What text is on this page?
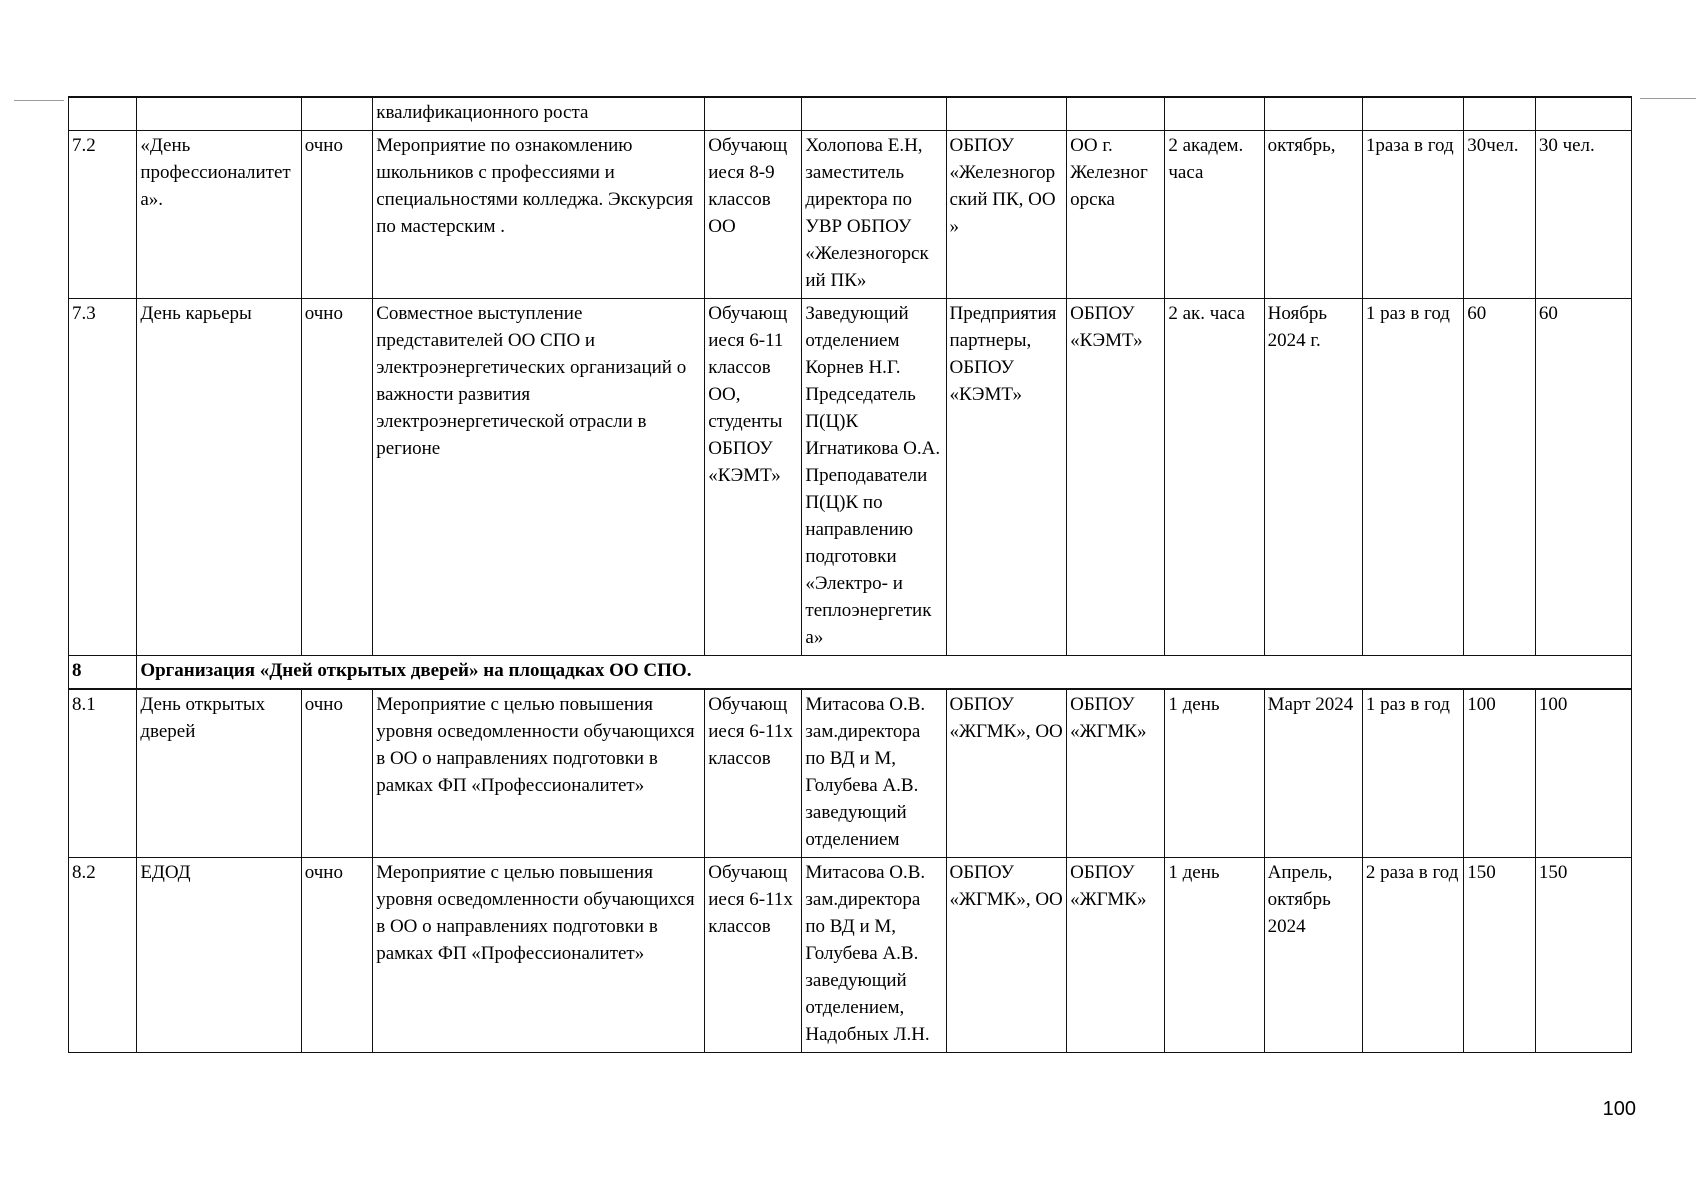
			квалификационного роста									
7.2	«День профессионалитет а».	очно	Мероприятие по ознакомлению школьников с профессиями и специальностями колледжа. Экскурсия по мастерским .	Обучающ иеся 8-9 классов ОО	Холопова Е.Н, заместитель директора по УВР ОБПОУ «Железногорск ий ПК»	ОБПОУ «Железногор ский ПК, ОО »	ОО г. Железног орска	2 академ. часа	октябрь,	1раза в год	30чел.	30 чел.
7.3	День карьеры	очно	Совместное выступление представителей ОО СПО и электроэнергетических организаций о важности развития электроэнергетической отрасли в регионе	Обучающ иеся 6-11 классов ОО, студенты ОБПОУ «КЭМТ»	Заведующий отделением Корнев Н.Г. Председатель П(Ц)К Игнатикова О.А. Преподаватели П(Ц)К по направлению подготовки «Электро- и теплоэнергетик а»	Предприятия партнеры, ОБПОУ «КЭМТ»	ОБПОУ «КЭМТ»	2 ак. часа	Ноябрь 2024 г.	1 раз в год	60	60
8	Организация «Дней открытых дверей» на площадках ОО СПО.											
8.1	День открытых дверей	очно	Мероприятие с целью повышения уровня осведомленности обучающихся в ОО о направлениях подготовки в рамках ФП «Профессионалитет»	Обучающ иеся 6-11х классов	Митасова О.В. зам.директора по ВД и М, Голубева А.В. заведующий отделением	ОБПОУ «ЖГМК», ОО	ОБПОУ «ЖГМК»	1 день	Март 2024	1 раз в год	100	100
8.2	ЕДОД	очно	Мероприятие с целью повышения уровня осведомленности обучающихся в ОО о направлениях подготовки в рамках ФП «Профессионалитет»	Обучающ иеся 6-11х классов	Митасова О.В. зам.директора по ВД и М, Голубева А.В. заведующий отделением, Надобных Л.Н.	ОБПОУ «ЖГМК», ОО	ОБПОУ «ЖГМК»	1 день	Апрель, октябрь 2024	2 раза в год	150	150
100
